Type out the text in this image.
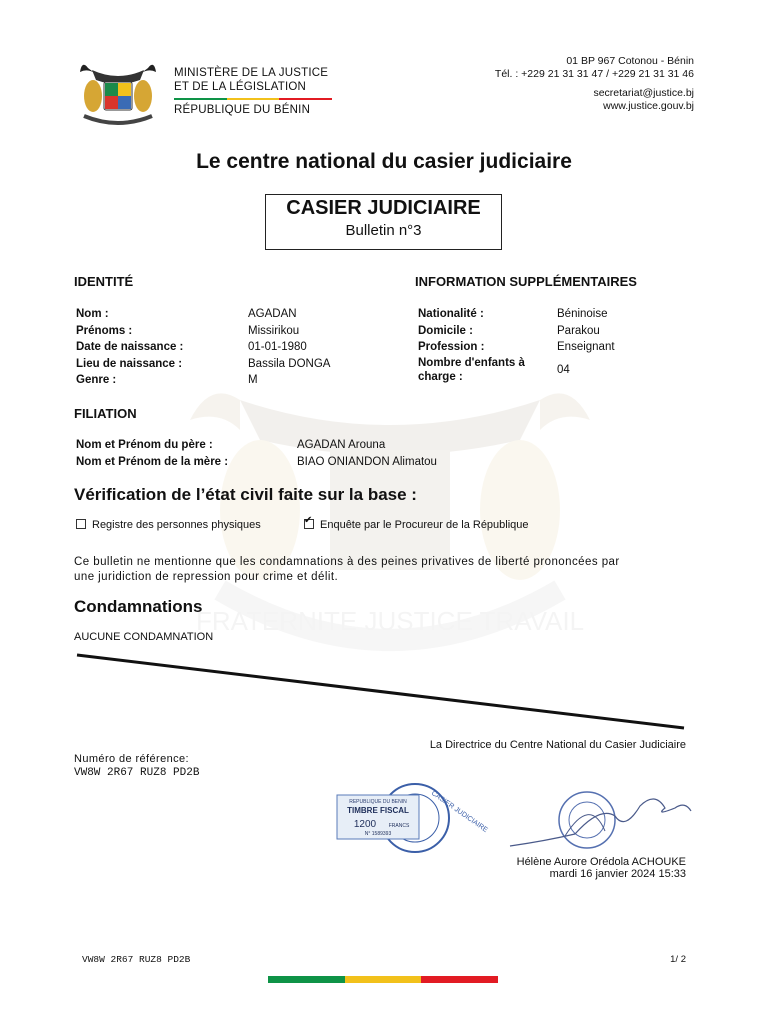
FRATERNITE JUSTICE TRAVAIL
MINISTÈRE DE LA JUSTICE
ET DE LA LÉGISLATION
RÉPUBLIQUE DU BÉNIN
01 BP 967 Cotonou - Bénin
Tél. : +229 21 31 31 47 / +229 21 31 31 46
secretariat@justice.bj
www.justice.gouv.bj
Le centre national du casier judiciaire
CASIER JUDICIAIRE
Bulletin n°3
IDENTITÉ
Nom :
Prénoms :
Date de naissance :
Lieu de naissance :
Genre :
AGADAN
Missirikou
01-01-1980
Bassila DONGA
M
INFORMATION SUPPLÉMENTAIRES
Nationalité :
Domicile :
Profession :
Nombre d'enfants à
charge :
Béninoise
Parakou
Enseignant
04
FILIATION
Nom et Prénom du père :
Nom et Prénom de la mère :
AGADAN Arouna
BIAO ONIANDON Alimatou
Vérification de l’état civil faite sur la base :
Registre des personnes physiques
✔	Enquête par le Procureur de la République
Ce bulletin ne mentionne que les condamnations à des peines privatives de liberté prononcées par
une juridiction de repression pour crime et délit.
Condamnations
AUCUNE CONDAMNATION
La Directrice du Centre National du Casier Judiciaire
Numéro de référence:
VW8W 2R67 RUZ8 PD2B
REPUBLIQUE DU BENIN
TIMBRE FISCAL
1200	FRANCS
N° 1589393	CASIER JUDICIAIRE
Hélène Aurore Orédola ACHOUKE
mardi 16 janvier 2024 15:33
VW8W 2R67 RUZ8 PD2B	1/ 2
